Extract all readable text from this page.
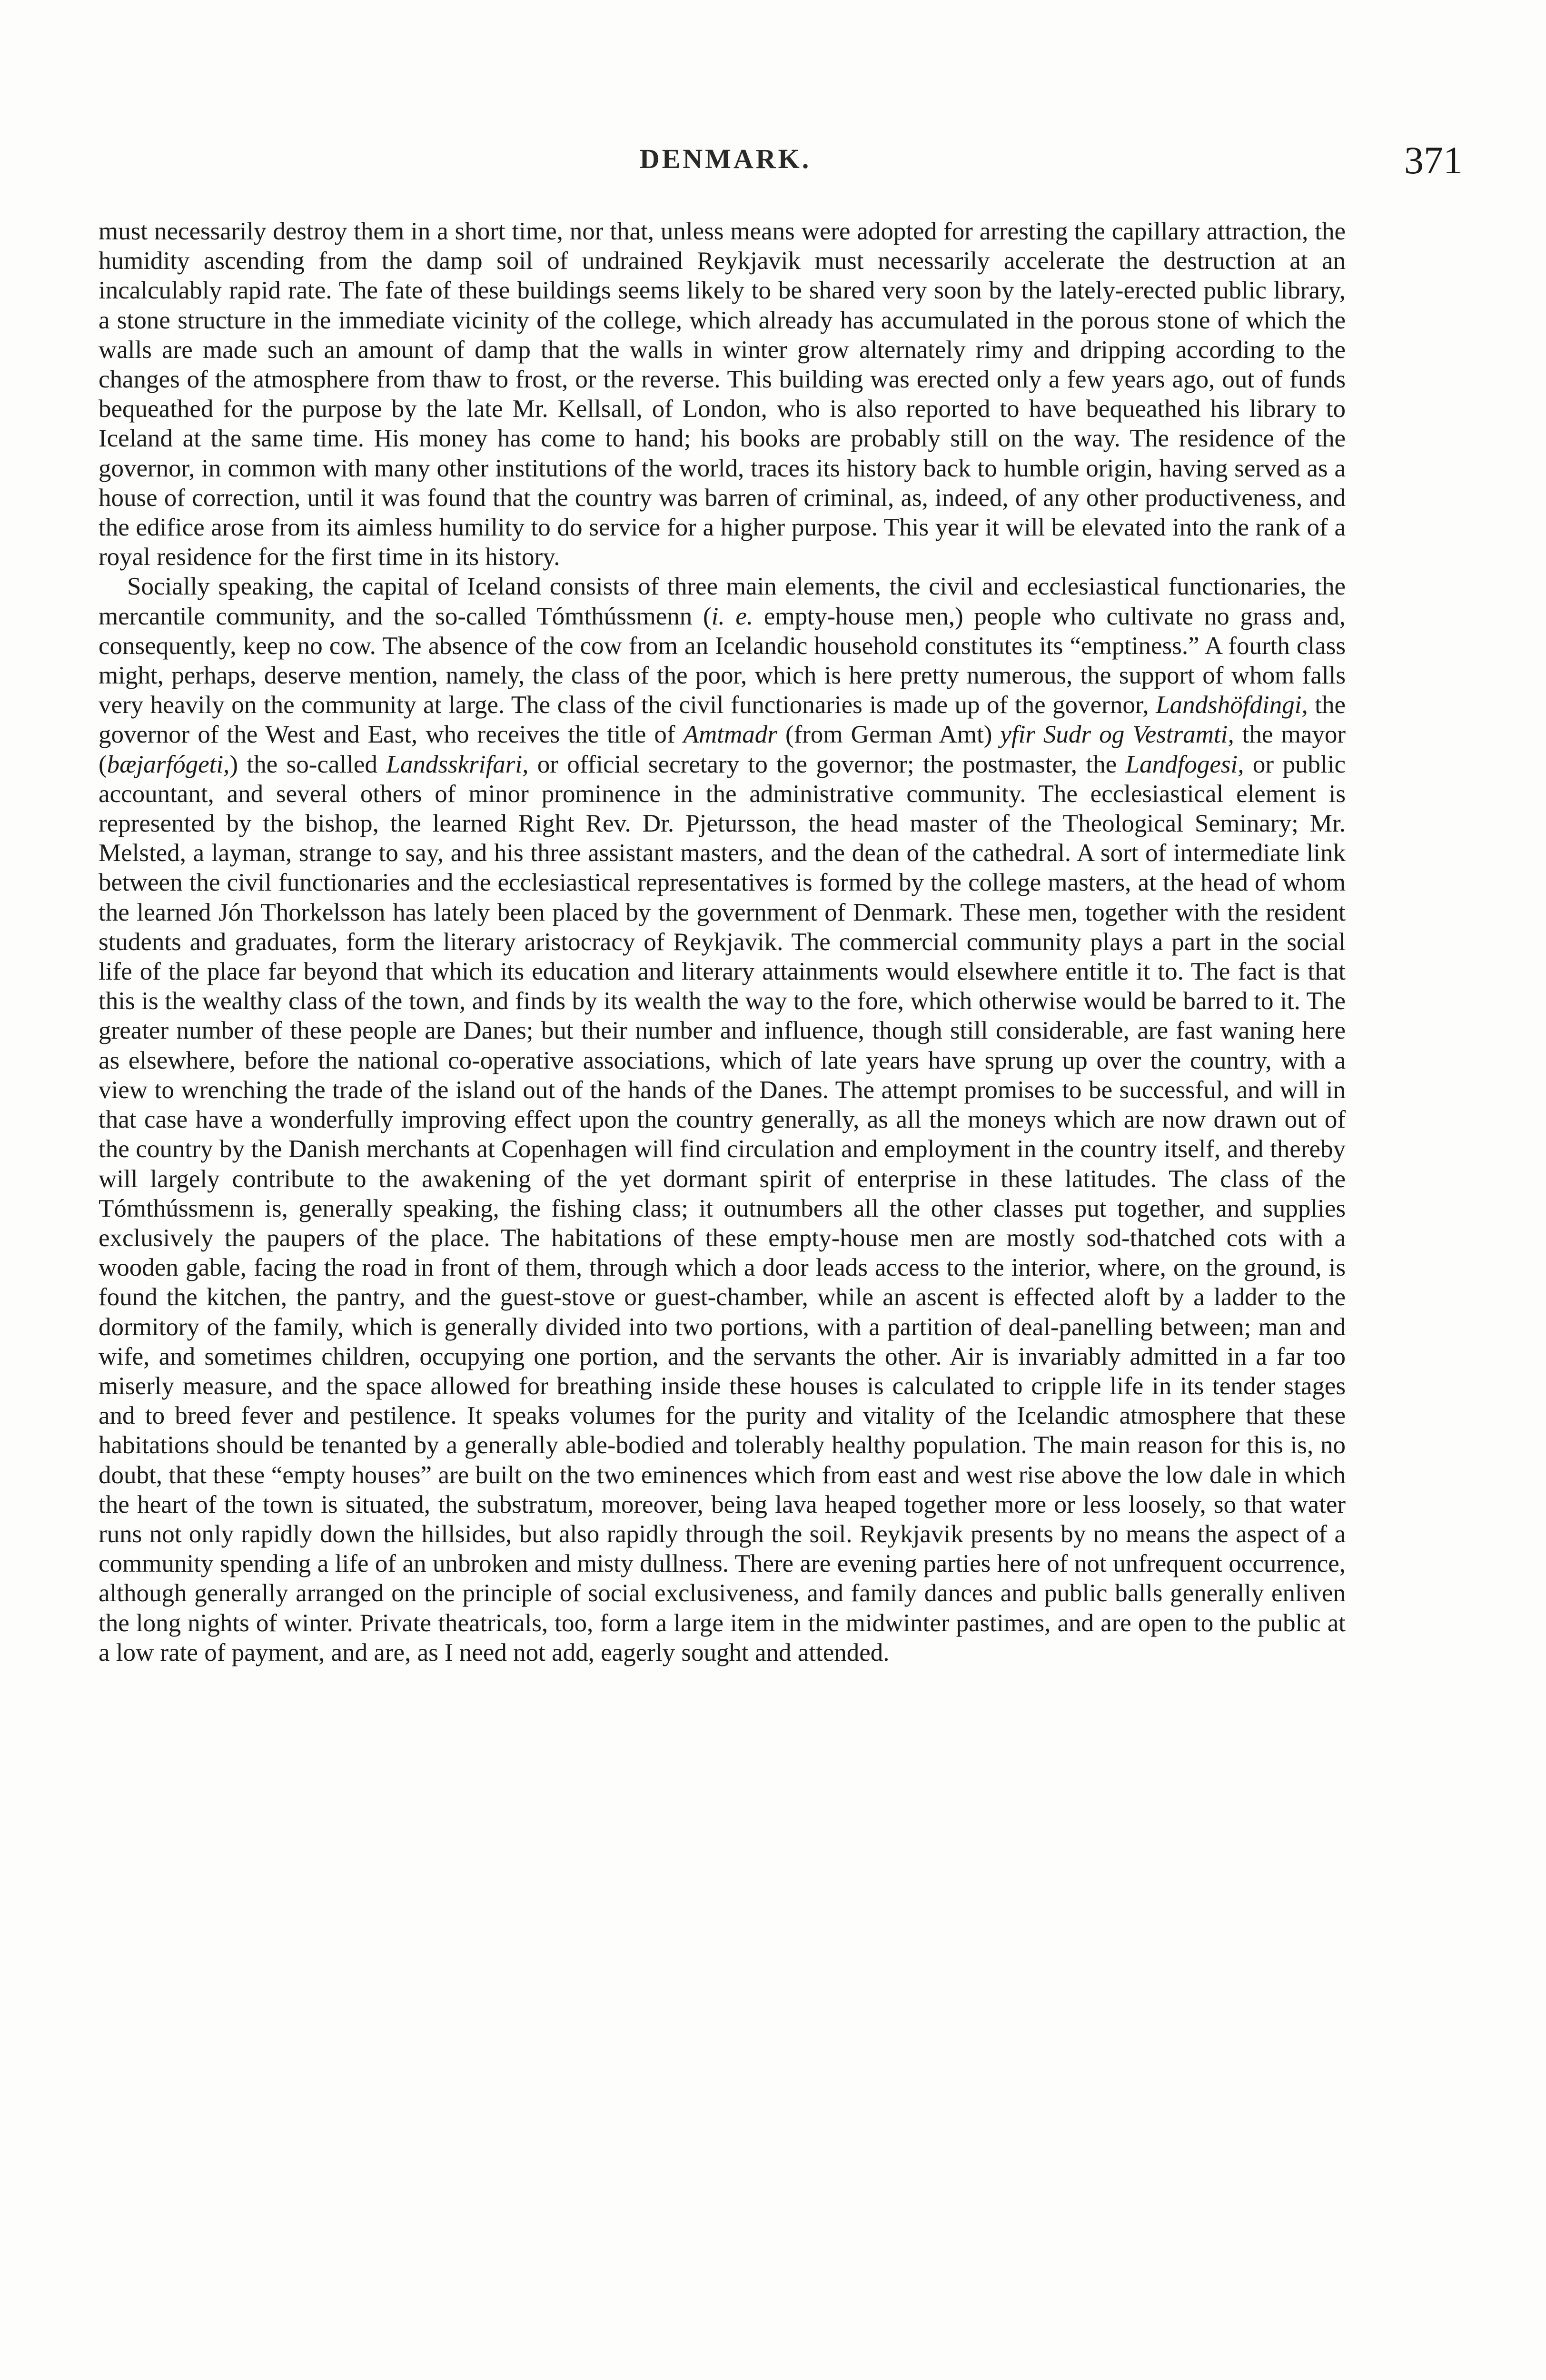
DENMARK.	371

must necessarily destroy them in a short time, nor that, unless means were adopted for arresting the capillary attraction, the humidity ascending from the damp soil of undrained Reykjavik must necessarily accelerate the destruction at an incalculably rapid rate. The fate of these buildings seems likely to be shared very soon by the lately-erected public library, a stone structure in the immediate vicinity of the college, which already has accumulated in the porous stone of which the walls are made such an amount of damp that the walls in winter grow alternately rimy and dripping according to the changes of the atmosphere from thaw to frost, or the reverse. This building was erected only a few years ago, out of funds bequeathed for the purpose by the late Mr. Kellsall, of London, who is also reported to have bequeathed his library to Iceland at the same time. His money has come to hand; his books are probably still on the way. The residence of the governor, in common with many other institutions of the world, traces its history back to humble origin, having served as a house of correction, until it was found that the country was barren of criminal, as, indeed, of any other productiveness, and the edifice arose from its aimless humility to do service for a higher purpose. This year it will be elevated into the rank of a royal residence for the first time in its history.

Socially speaking, the capital of Iceland consists of three main elements, the civil and ecclesiastical functionaries, the mercantile community, and the so-called Tómthússmenn (i. e. empty-house men,) people who cultivate no grass and, consequently, keep no cow. The absence of the cow from an Icelandic household constitutes its “emptiness.” A fourth class might, perhaps, deserve mention, namely, the class of the poor, which is here pretty numerous, the support of whom falls very heavily on the community at large. The class of the civil functionaries is made up of the governor, Landshöfdingi, the governor of the West and East, who receives the title of Amtmadr (from German Amt) yfir Sudr og Vestramti, the mayor (bæjarfógeti,) the so-called Landsskrifari, or official secretary to the governor; the postmaster, the Landfogesi, or public accountant, and several others of minor prominence in the administrative community. The ecclesiastical element is represented by the bishop, the learned Right Rev. Dr. Pjetursson, the head master of the Theological Seminary; Mr. Melsted, a layman, strange to say, and his three assistant masters, and the dean of the cathedral. A sort of intermediate link between the civil functionaries and the ecclesiastical representatives is formed by the college masters, at the head of whom the learned Jón Thorkelsson has lately been placed by the government of Denmark. These men, together with the resident students and graduates, form the literary aristocracy of Reykjavik. The commercial community plays a part in the social life of the place far beyond that which its education and literary attainments would elsewhere entitle it to. The fact is that this is the wealthy class of the town, and finds by its wealth the way to the fore, which otherwise would be barred to it. The greater number of these people are Danes; but their number and influence, though still considerable, are fast waning here as elsewhere, before the national co-operative associations, which of late years have sprung up over the country, with a view to wrenching the trade of the island out of the hands of the Danes. The attempt promises to be successful, and will in that case have a wonderfully improving effect upon the country generally, as all the moneys which are now drawn out of the country by the Danish merchants at Copenhagen will find circulation and employment in the country itself, and thereby will largely contribute to the awakening of the yet dormant spirit of enterprise in these latitudes. The class of the Tómthússmenn is, generally speaking, the fishing class; it outnumbers all the other classes put together, and supplies exclusively the paupers of the place. The habitations of these empty-house men are mostly sod-thatched cots with a wooden gable, facing the road in front of them, through which a door leads access to the interior, where, on the ground, is found the kitchen, the pantry, and the guest-stove or guest-chamber, while an ascent is effected aloft by a ladder to the dormitory of the family, which is generally divided into two portions, with a partition of deal-panelling between; man and wife, and sometimes children, occupying one portion, and the servants the other. Air is invariably admitted in a far too miserly measure, and the space allowed for breathing inside these houses is calculated to cripple life in its tender stages and to breed fever and pestilence. It speaks volumes for the purity and vitality of the Icelandic atmosphere that these habitations should be tenanted by a generally able-bodied and tolerably healthy population. The main reason for this is, no doubt, that these “empty houses” are built on the two eminences which from east and west rise above the low dale in which the heart of the town is situated, the substratum, moreover, being lava heaped together more or less loosely, so that water runs not only rapidly down the hillsides, but also rapidly through the soil. Reykjavik presents by no means the aspect of a community spending a life of an unbroken and misty dullness. There are evening parties here of not unfrequent occurrence, although generally arranged on the principle of social exclusiveness, and family dances and public balls generally enliven the long nights of winter. Private theatricals, too, form a large item in the midwinter pastimes, and are open to the public at a low rate of payment, and are, as I need not add, eagerly sought and attended.
